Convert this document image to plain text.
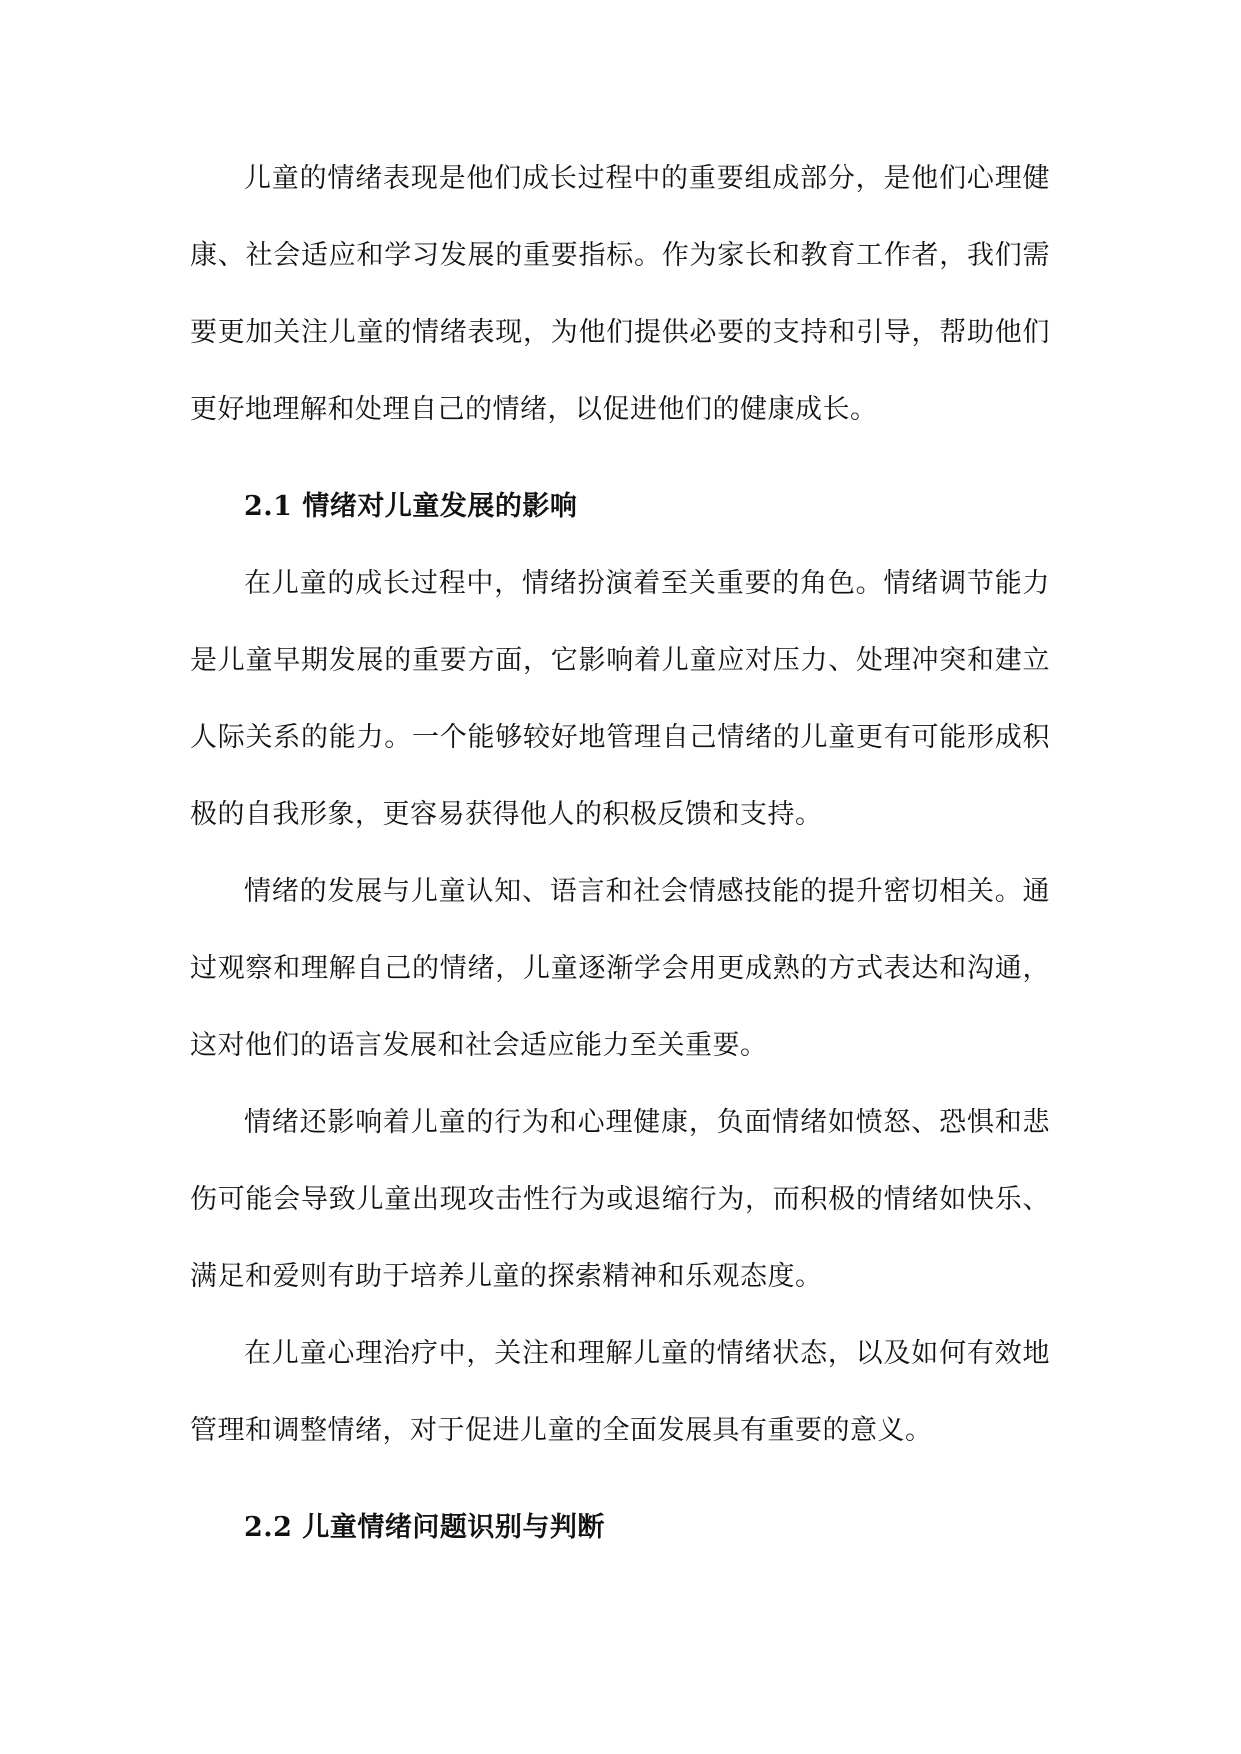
儿童的情绪表现是他们成长过程中的重要组成部分，是他们心理健康、社会适应和学习发展的重要指标。作为家长和教育工作者，我们需要更加关注儿童的情绪表现，为他们提供必要的支持和引导，帮助他们更好地理解和处理自己的情绪，以促进他们的健康成长。

2.1 情绪对儿童发展的影响

在儿童的成长过程中，情绪扮演着至关重要的角色。情绪调节能力是儿童早期发展的重要方面，它影响着儿童应对压力、处理冲突和建立人际关系的能力。一个能够较好地管理自己情绪的儿童更有可能形成积极的自我形象，更容易获得他人的积极反馈和支持。

情绪的发展与儿童认知、语言和社会情感技能的提升密切相关。通过观察和理解自己的情绪，儿童逐渐学会用更成熟的方式表达和沟通，这对他们的语言发展和社会适应能力至关重要。

情绪还影响着儿童的行为和心理健康，负面情绪如愤怒、恐惧和悲伤可能会导致儿童出现攻击性行为或退缩行为，而积极的情绪如快乐、满足和爱则有助于培养儿童的探索精神和乐观态度。

在儿童心理治疗中，关注和理解儿童的情绪状态，以及如何有效地管理和调整情绪，对于促进儿童的全面发展具有重要的意义。

2.2 儿童情绪问题识别与判断
